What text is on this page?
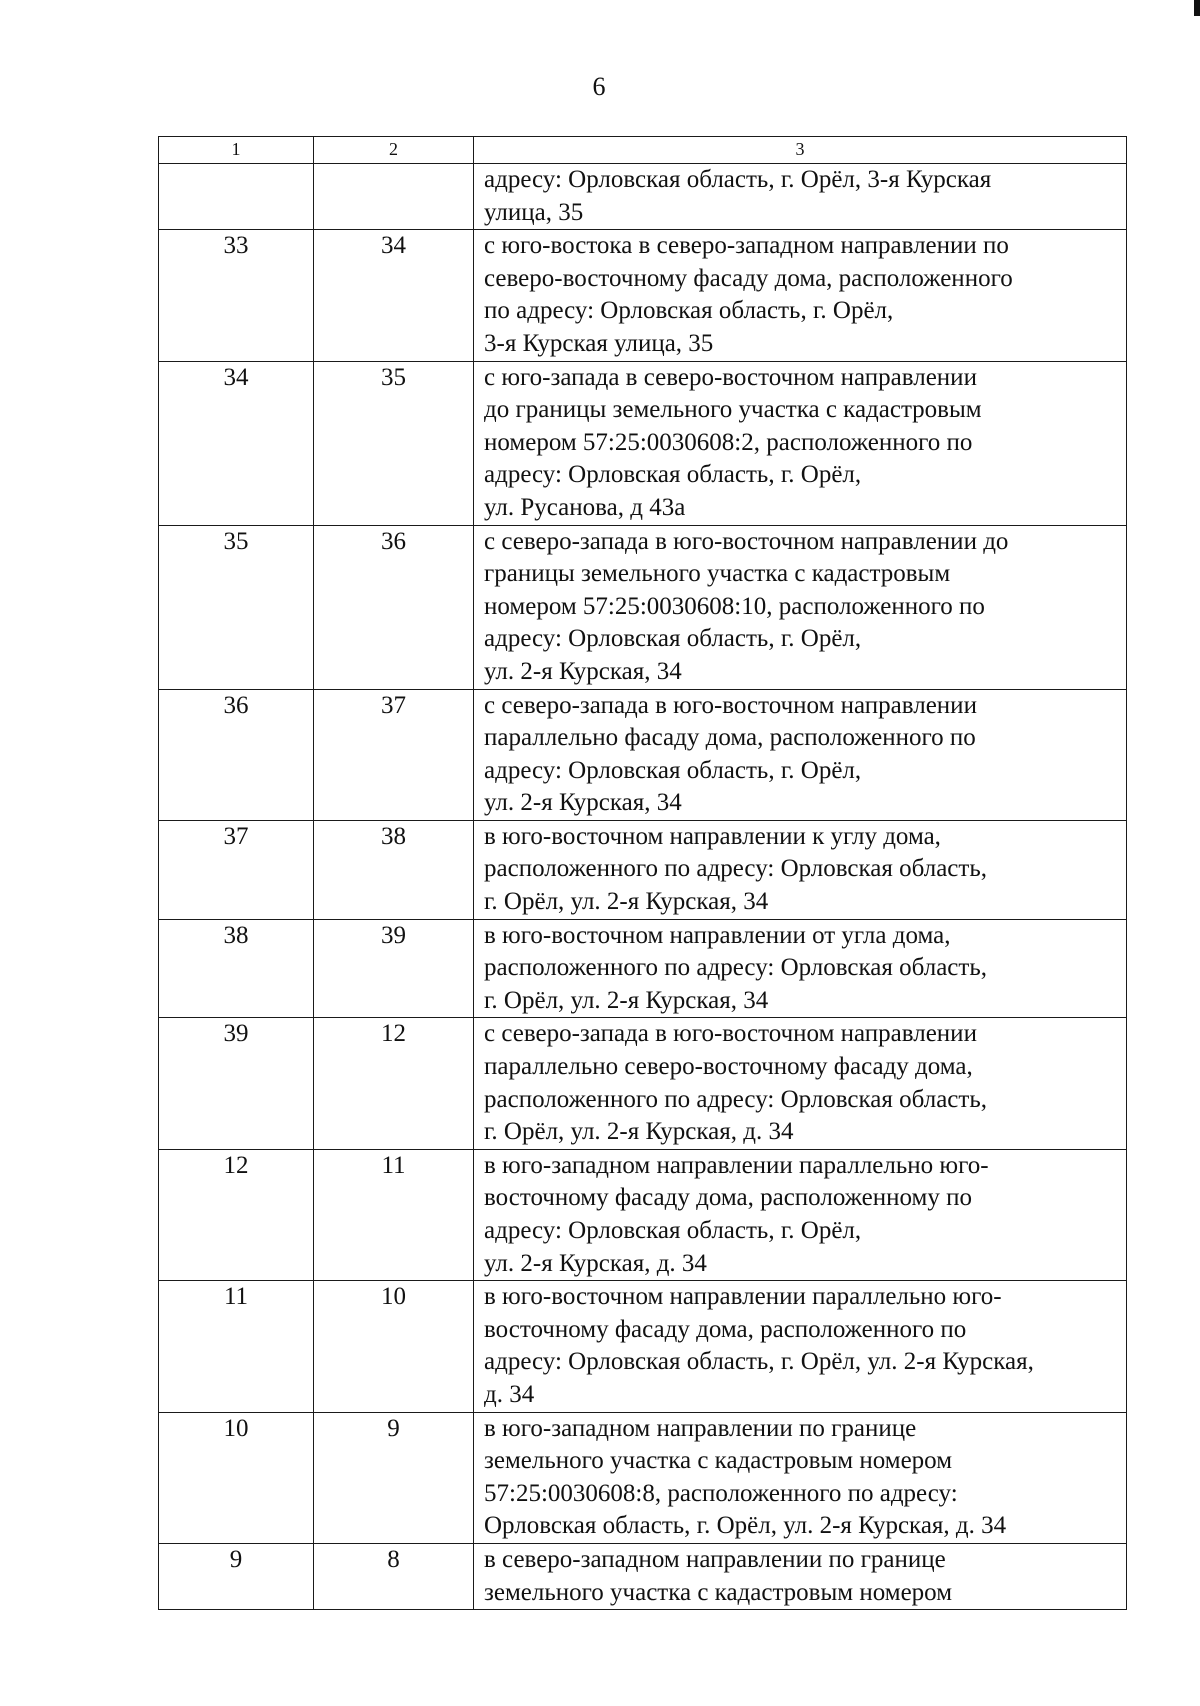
6
1	2	3

		адресу: Орловская область, г. Орёл, 3-я Курская
улица, 35

33	34	с юго-востока в северо-западном направлении по
северо-восточному фасаду дома, расположенного
по адресу: Орловская область, г. Орёл,
3-я Курская улица, 35

34	35	с юго-запада в северо-восточном направлении
до границы земельного участка с кадастровым
номером 57:25:0030608:2, расположенного по
адресу: Орловская область, г. Орёл,
ул. Русанова, д 43а

35	36	с северо-запада в юго-восточном направлении до
границы земельного участка с кадастровым
номером 57:25:0030608:10, расположенного по
адресу: Орловская область, г. Орёл,
ул. 2-я Курская, 34

36	37	с северо-запада в юго-восточном направлении
параллельно фасаду дома, расположенного по
адресу: Орловская область, г. Орёл,
ул. 2-я Курская, 34

37	38	в юго-восточном направлении к углу дома,
расположенного по адресу: Орловская область,
г. Орёл, ул. 2-я Курская, 34

38	39	в юго-восточном направлении от угла дома,
расположенного по адресу: Орловская область,
г. Орёл, ул. 2-я Курская, 34

39	12	с северо-запада в юго-восточном направлении
параллельно северо-восточному фасаду дома,
расположенного по адресу: Орловская область,
г. Орёл, ул. 2-я Курская, д. 34

12	11	в юго-западном направлении параллельно юго-
восточному фасаду дома, расположенному по
адресу: Орловская область, г. Орёл,
ул. 2-я Курская, д. 34

11	10	в юго-восточном направлении параллельно юго-
восточному фасаду дома, расположенного по
адресу: Орловская область, г. Орёл, ул. 2-я Курская,
д. 34

10	9	в юго-западном направлении по границе
земельного участка с кадастровым номером
57:25:0030608:8, расположенного по адресу:
Орловская область, г. Орёл, ул. 2-я Курская, д. 34

9	8	в северо-западном направлении по границе
земельного участка с кадастровым номером
